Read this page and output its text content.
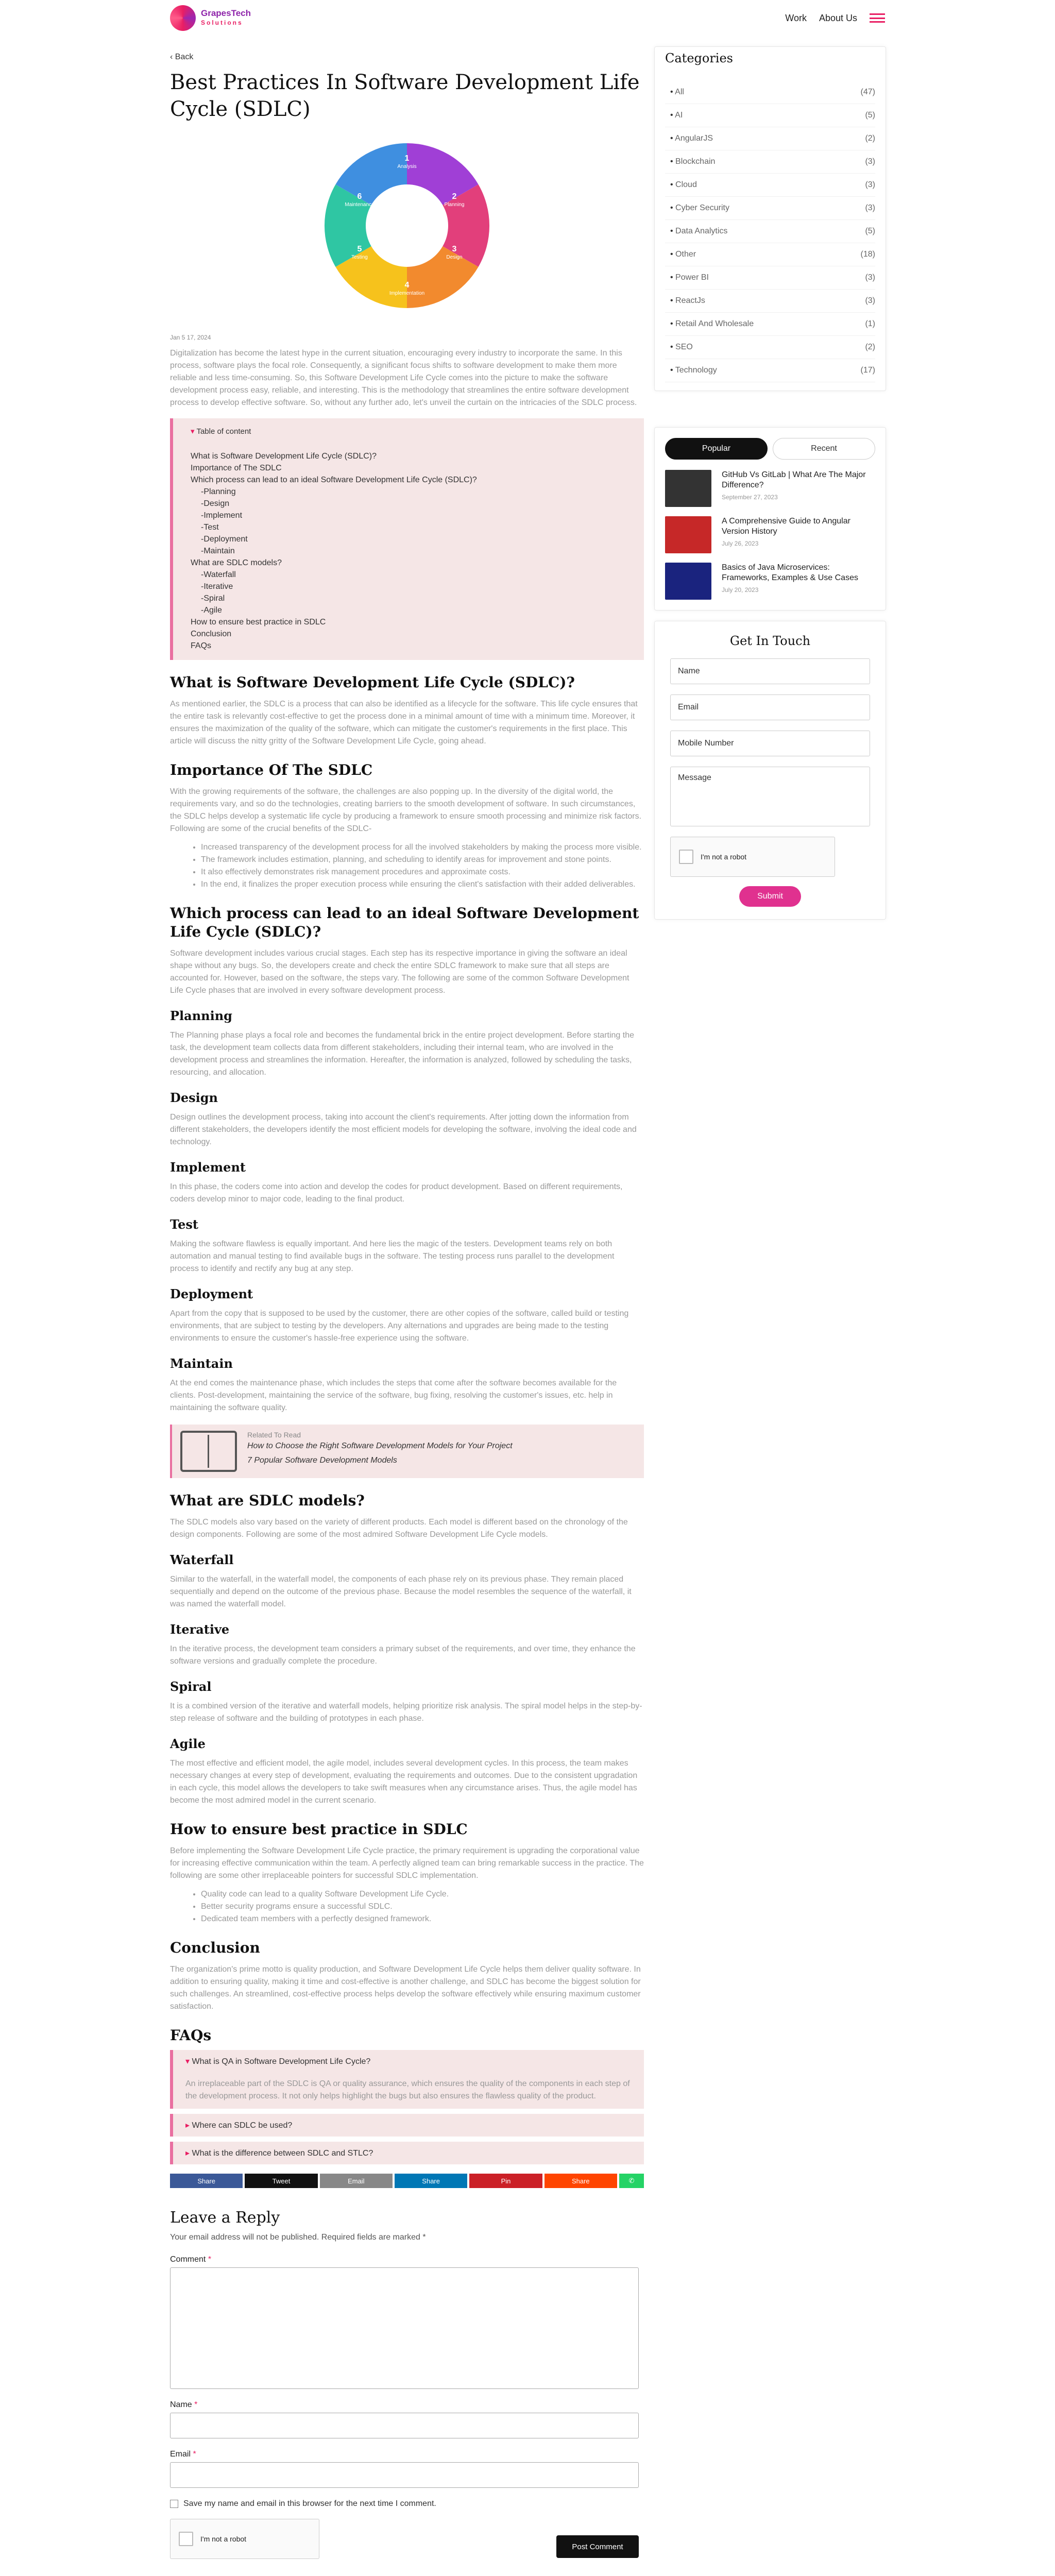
GrapesTech
Solutions	Work About Us
‹ Back
Best Practices In Software Development Life Cycle (SDLC)
1
Analysis
2
Planning
3
Design
4
Implementation
5
Testing
6
Maintenance
Jan 5 17, 2024

Digitalization has become the latest hype in the current situation, encouraging every industry to incorporate the same. In this process, software plays the focal role. Consequently, a significant focus shifts to software development to make them more reliable and less time-consuming. So, this Software Development Life Cycle comes into the picture to make the software development process easy, reliable, and interesting. This is the methodology that streamlines the entire software development process to develop effective software. So, without any further ado, let's unveil the curtain on the intricacies of the SDLC process.

▾ Table of content
What is Software Development Life Cycle (SDLC)?
Importance of The SDLC
Which process can lead to an ideal Software Development Life Cycle (SDLC)?
-Planning
-Design
-Implement
-Test
-Deployment
-Maintain
What are SDLC models?
-Waterfall
-Iterative
-Spiral
-Agile
How to ensure best practice in SDLC
Conclusion
FAQs
What is Software Development Life Cycle (SDLC)?

As mentioned earlier, the SDLC is a process that can also be identified as a lifecycle for the software. This life cycle ensures that the entire task is relevantly cost-effective to get the process done in a minimal amount of time with a minimum time. Moreover, it ensures the maximization of the quality of the software, which can mitigate the customer's requirements in the first place. This article will discuss the nitty gritty of the Software Development Life Cycle, going ahead.

Importance Of The SDLC

With the growing requirements of the software, the challenges are also popping up. In the diversity of the digital world, the requirements vary, and so do the technologies, creating barriers to the smooth development of software. In such circumstances, the SDLC helps develop a systematic life cycle by producing a framework to ensure smooth processing and minimize risk factors. Following are some of the crucial benefits of the SDLC-

• Increased transparency of the development process for all the involved stakeholders by making the process more visible.
• The framework includes estimation, planning, and scheduling to identify areas for improvement and stone points.
• It also effectively demonstrates risk management procedures and approximate costs.
• In the end, it finalizes the proper execution process while ensuring the client's satisfaction with their added deliverables.
Which process can lead to an ideal Software Development Life Cycle (SDLC)?

Software development includes various crucial stages. Each step has its respective importance in giving the software an ideal shape without any bugs. So, the developers create and check the entire SDLC framework to make sure that all steps are accounted for. However, based on the software, the steps vary. The following are some of the common Software Development Life Cycle phases that are involved in every software development process.

Planning

The Planning phase plays a focal role and becomes the fundamental brick in the entire project development. Before starting the task, the development team collects data from different stakeholders, including their internal team, who are involved in the development process and streamlines the information. Hereafter, the information is analyzed, followed by scheduling the tasks, resourcing, and allocation.

Design

Design outlines the development process, taking into account the client's requirements. After jotting down the information from different stakeholders, the developers identify the most efficient models for developing the software, involving the ideal code and technology.

Implement

In this phase, the coders come into action and develop the codes for product development. Based on different requirements, coders develop minor to major code, leading to the final product.

Test

Making the software flawless is equally important. And here lies the magic of the testers. Development teams rely on both automation and manual testing to find available bugs in the software. The testing process runs parallel to the development process to identify and rectify any bug at any step.

Deployment

Apart from the copy that is supposed to be used by the customer, there are other copies of the software, called build or testing environments, that are subject to testing by the developers. Any alternations and upgrades are being made to the testing environments to ensure the customer's hassle-free experience using the software.

Maintain

At the end comes the maintenance phase, which includes the steps that come after the software becomes available for the clients. Post-development, maintaining the service of the software, bug fixing, resolving the customer's issues, etc. help in maintaining the software quality.

Related To Read
How to Choose the Right Software Development Models for Your Project
7 Popular Software Development Models
What are SDLC models?

The SDLC models also vary based on the variety of different products. Each model is different based on the chronology of the design components. Following are some of the most admired Software Development Life Cycle models.

Waterfall

Similar to the waterfall, in the waterfall model, the components of each phase rely on its previous phase. They remain placed sequentially and depend on the outcome of the previous phase. Because the model resembles the sequence of the waterfall, it was named the waterfall model.

Iterative

In the iterative process, the development team considers a primary subset of the requirements, and over time, they enhance the software versions and gradually complete the procedure.

Spiral

It is a combined version of the iterative and waterfall models, helping prioritize risk analysis. The spiral model helps in the step-by-step release of software and the building of prototypes in each phase.

Agile

The most effective and efficient model, the agile model, includes several development cycles. In this process, the team makes necessary changes at every step of development, evaluating the requirements and outcomes. Due to the consistent upgradation in each cycle, this model allows the developers to take swift measures when any circumstance arises. Thus, the agile model has become the most admired model in the current scenario.

How to ensure best practice in SDLC

Before implementing the Software Development Life Cycle practice, the primary requirement is upgrading the corporational value for increasing effective communication within the team. A perfectly aligned team can bring remarkable success in the practice. The following are some other irreplaceable pointers for successful SDLC implementation.

• Quality code can lead to a quality Software Development Life Cycle.
• Better security programs ensure a successful SDLC.
• Dedicated team members with a perfectly designed framework.
Conclusion

The organization's prime motto is quality production, and Software Development Life Cycle helps them deliver quality software. In addition to ensuring quality, making it time and cost-effective is another challenge, and SDLC has become the biggest solution for such challenges. An streamlined, cost-effective process helps develop the software effectively while ensuring maximum customer satisfaction.

FAQs
▾ What is QA in Software Development Life Cycle?

An irreplaceable part of the SDLC is QA or quality assurance, which ensures the quality of the components in each step of the development process. It not only helps highlight the bugs but also ensures the flawless quality of the product.

▸ Where can SDLC be used?
▸ What is the difference between SDLC and STLC?
Share	Tweet	Email	Share	Pin	Share	✆
Leave a Reply

Your email address will not be published. Required fields are marked *

Comment *
Name *
Email *
Save my name and email in this browser for the next time I comment.
I'm not a robot
Post Comment
Categories
• All	(47)
• AI	(5)
• AngularJS	(2)
• Blockchain	(3)
• Cloud	(3)
• Cyber Security	(3)
• Data Analytics	(5)
• Other	(18)
• Power BI	(3)
• ReactJs	(3)
• Retail And Wholesale	(1)
• SEO	(2)
• Technology	(17)
Popular	Recent
GitHub Vs GitLab | What Are The Major Difference?
September 27, 2023
A Comprehensive Guide to Angular Version History
July 26, 2023
Basics of Java Microservices: Frameworks, Examples & Use Cases
July 20, 2023
Get In Touch
Name
Email
Mobile Number
Message
I'm not a robot
Submit
